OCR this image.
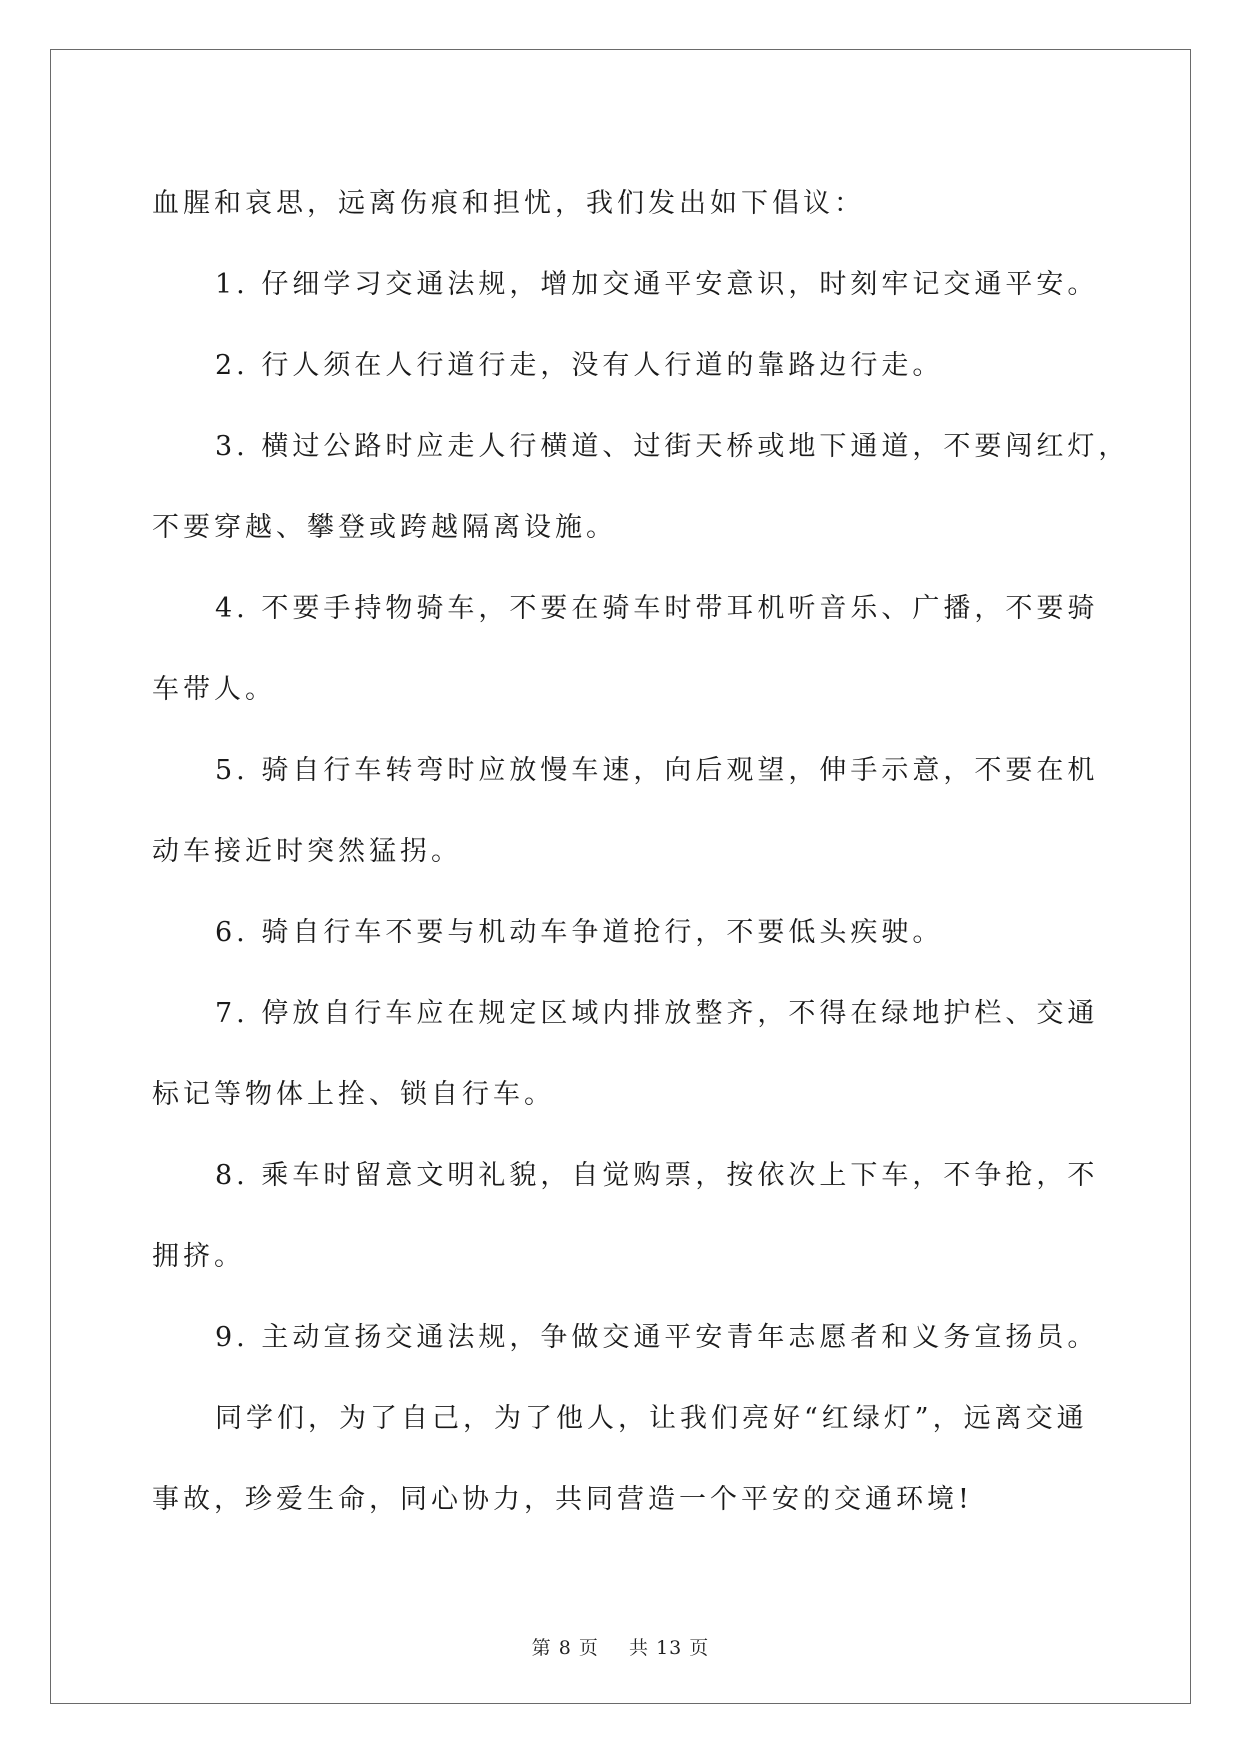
血腥和哀思，远离伤痕和担忧，我们发出如下倡议：
1. 仔细学习交通法规，增加交通平安意识，时刻牢记交通平安。
2. 行人须在人行道行走，没有人行道的靠路边行走。
3. 横过公路时应走人行横道、过街天桥或地下通道，不要闯红灯，
不要穿越、攀登或跨越隔离设施。
4. 不要手持物骑车，不要在骑车时带耳机听音乐、广播，不要骑
车带人。
5. 骑自行车转弯时应放慢车速，向后观望，伸手示意，不要在机
动车接近时突然猛拐。
6. 骑自行车不要与机动车争道抢行，不要低头疾驶。
7. 停放自行车应在规定区域内排放整齐，不得在绿地护栏、交通
标记等物体上拴、锁自行车。
8. 乘车时留意文明礼貌，自觉购票，按依次上下车，不争抢，不
拥挤。
9. 主动宣扬交通法规，争做交通平安青年志愿者和义务宣扬员。
同学们，为了自己，为了他人，让我们亮好“红绿灯”，远离交通
事故，珍爱生命，同心协力，共同营造一个平安的交通环境!
第 8 页 共 13 页
